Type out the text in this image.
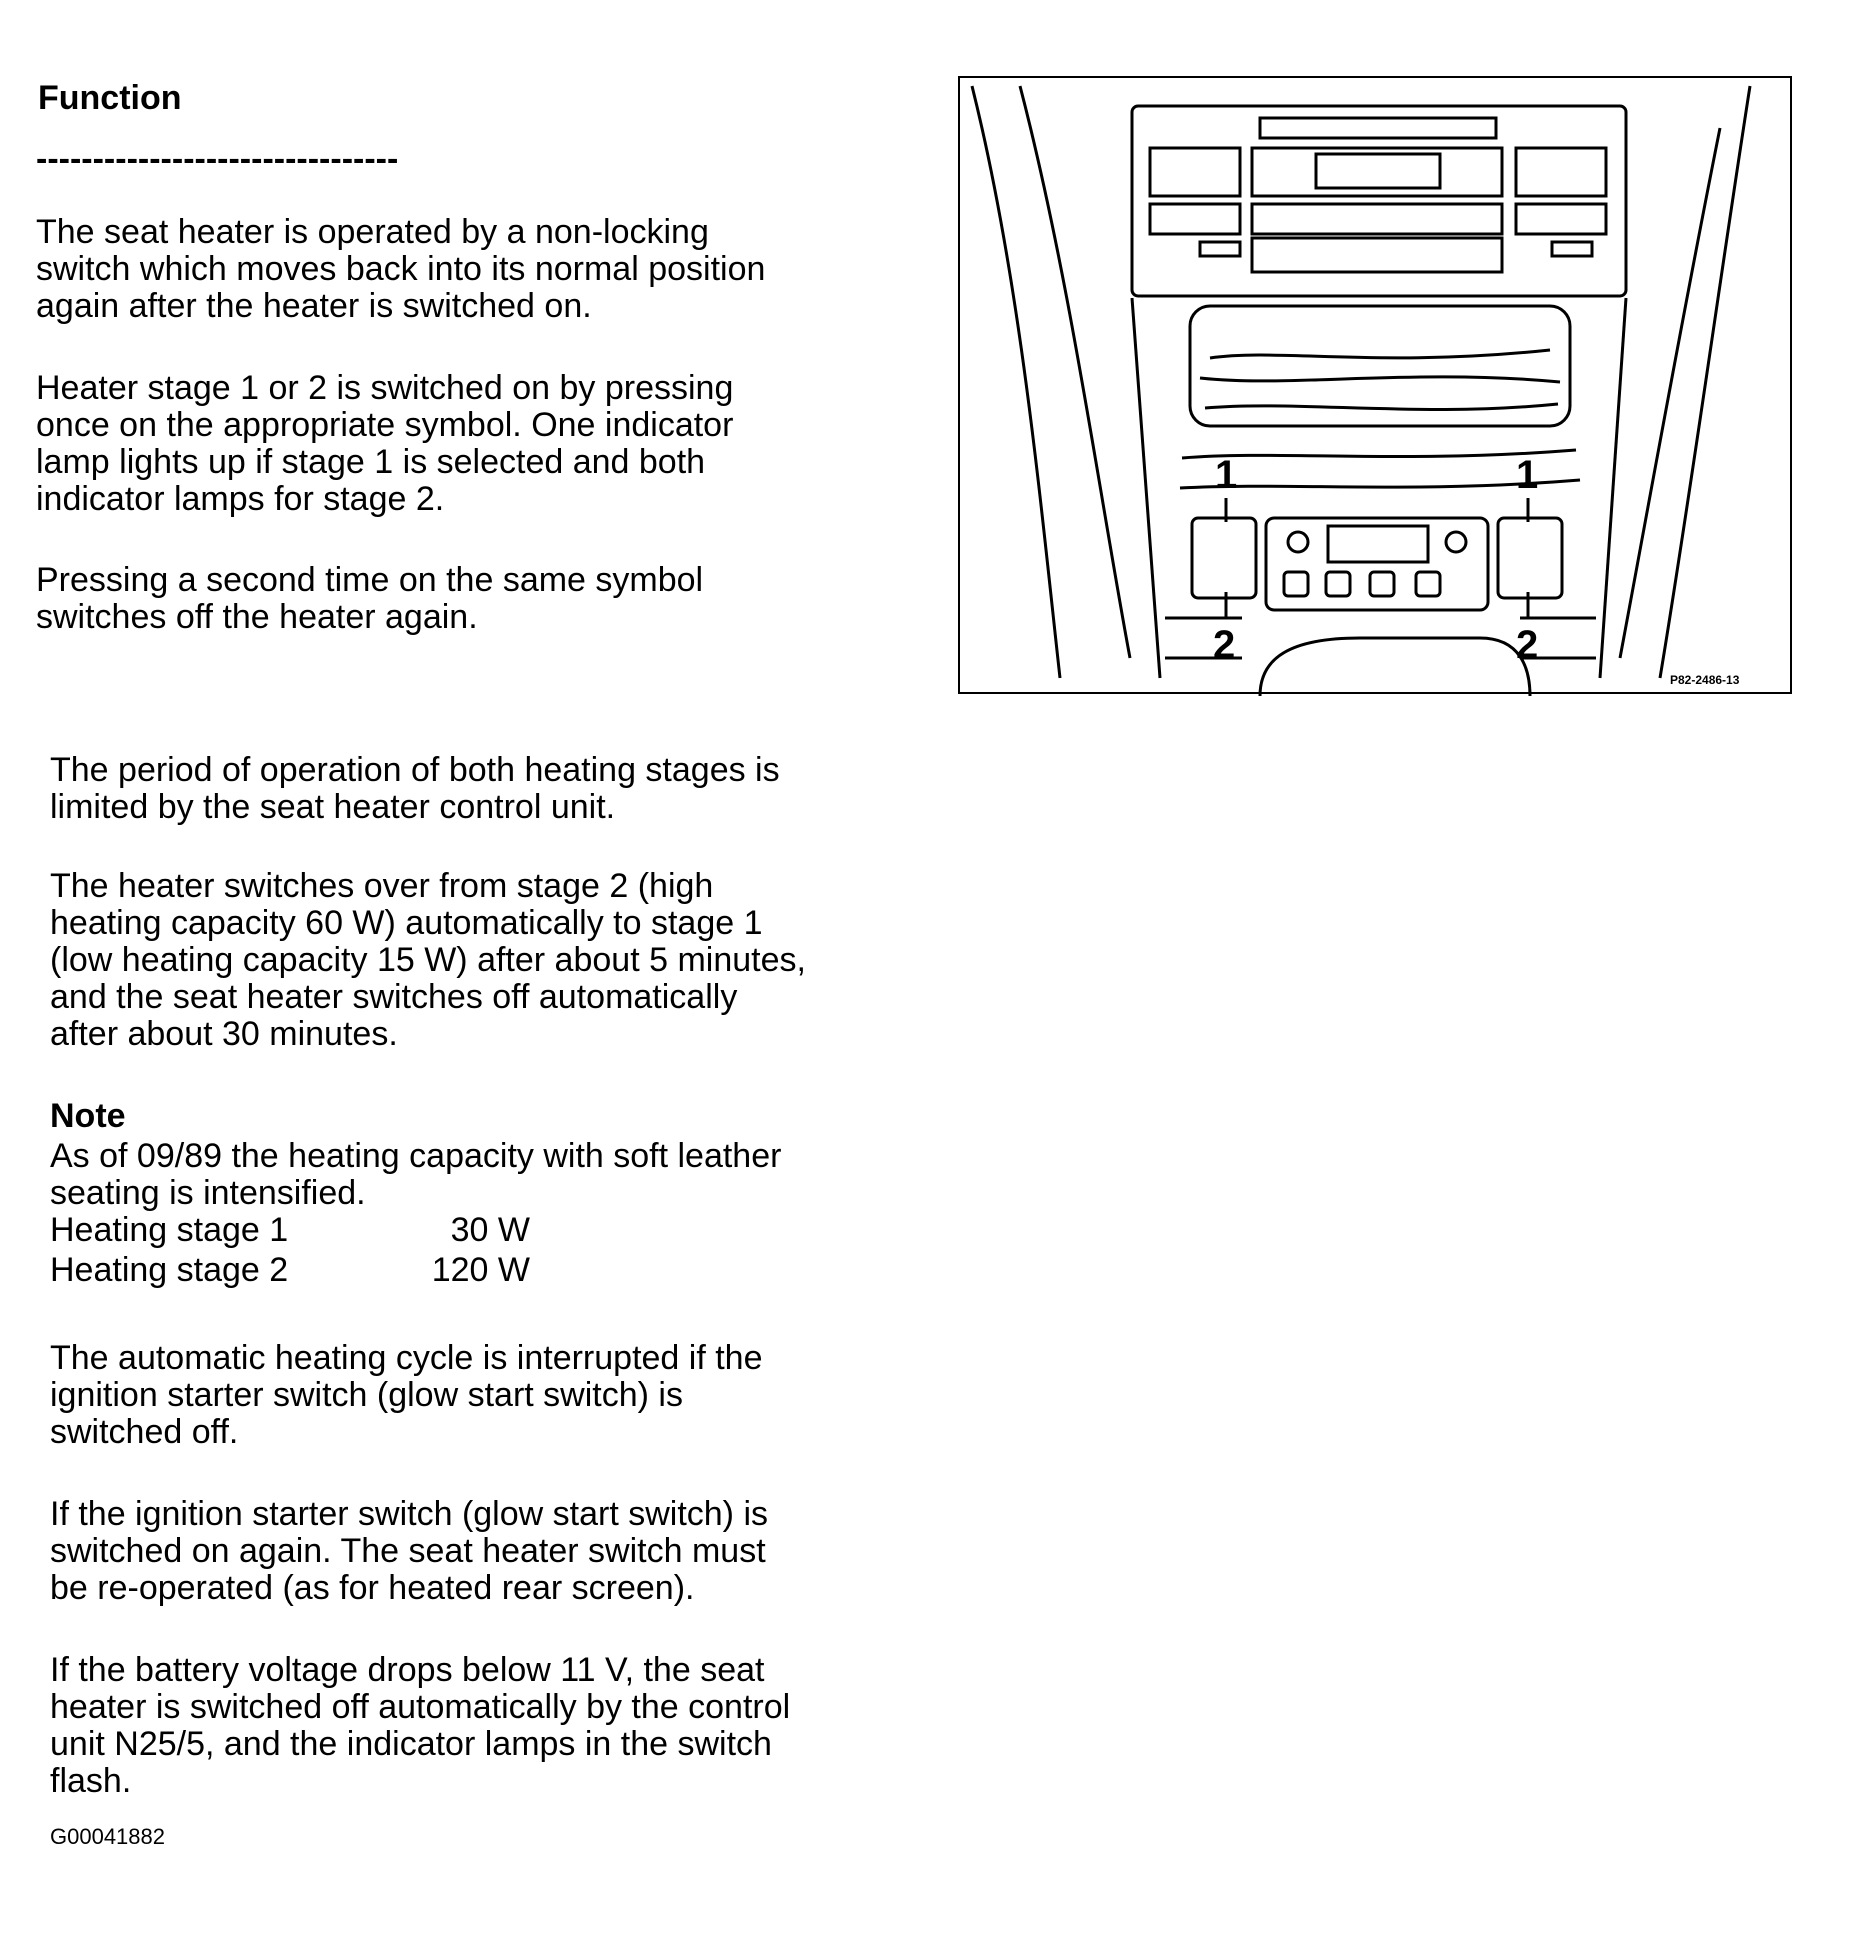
Function
--------------------------------

The seat heater is operated by a non-locking
switch which moves back into its normal position
again after the heater is switched on.

Heater stage 1 or 2 is switched on by pressing
once on the appropriate symbol. One indicator
lamp lights up if stage 1 is selected and both
indicator lamps for stage 2.

Pressing a second time on the same symbol
switches off the heater again.

1
2
1
2
P82-2486-13

The period of operation of both heating stages is
limited by the seat heater control unit.

The heater switches over from stage 2 (high
heating capacity 60 W) automatically to stage 1
(low heating capacity 15 W) after about 5 minutes,
and the seat heater switches off automatically
after about 30 minutes.

Note

As of 09/89 the heating capacity with soft leather
seating is intensified.

Heating stage 1	30 W
Heating stage 2	120 W

The automatic heating cycle is interrupted if the
ignition starter switch (glow start switch) is
switched off.

If the ignition starter switch (glow start switch) is
switched on again. The seat heater switch must
be re-operated (as for heated rear screen).

If the battery voltage drops below 11 V, the seat
heater is switched off automatically by the control
unit N25/5, and the indicator lamps in the switch
flash.

G00041882
